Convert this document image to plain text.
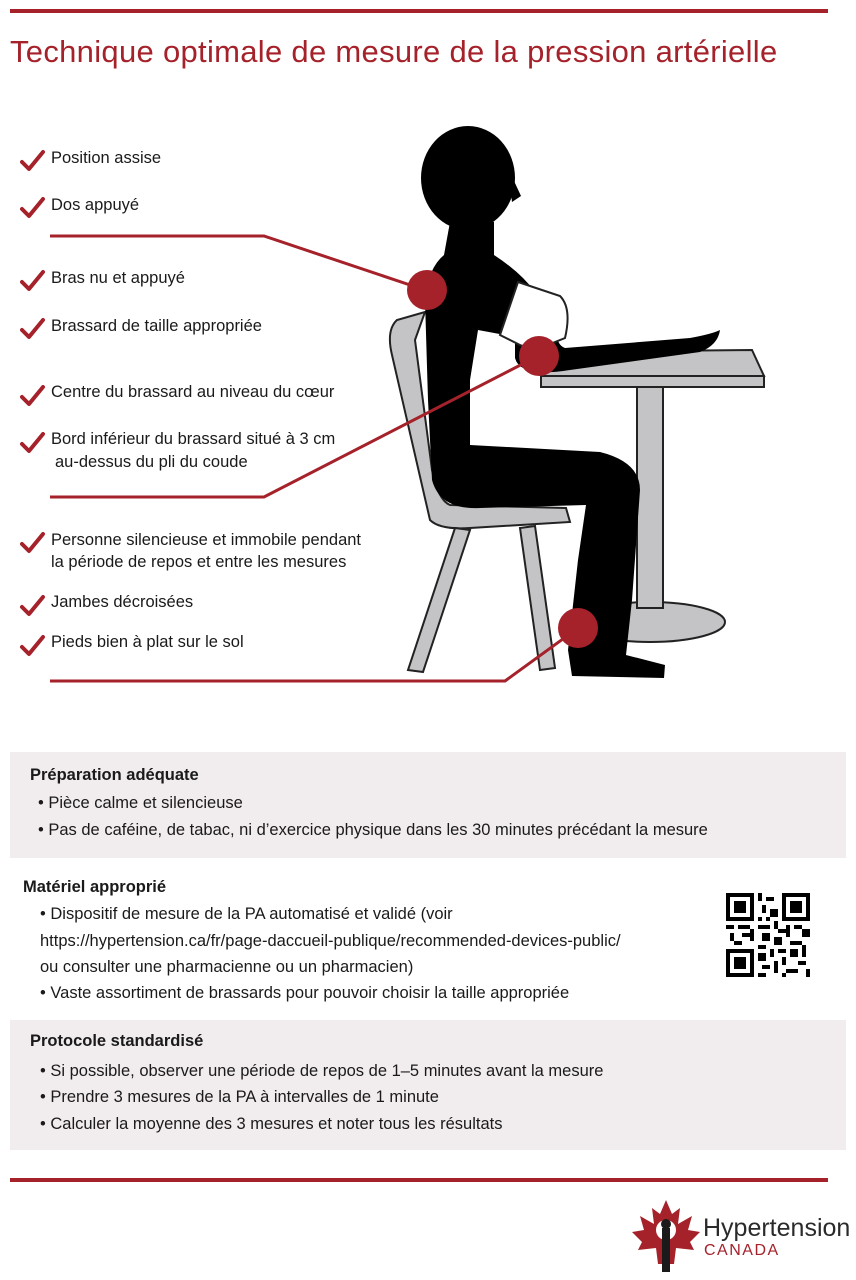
Technique optimale de mesure de la pression artérielle
Position assise
Dos appuyé
Bras nu et appuyé
Brassard de taille appropriée
Centre du brassard au niveau du cœur
Bord inférieur du brassard situé à 3 cm
au-dessus du pli du coude
Personne silencieuse et immobile pendant
la période de repos et entre les mesures
Jambes décroisées
Pieds bien à plat sur le sol
Préparation adéquate
• Pièce calme et silencieuse
• Pas de caféine, de tabac, ni d’exercice physique dans les 30 minutes précédant la mesure
Matériel approprié
• Dispositif de mesure de la PA automatisé et validé (voir
https://hypertension.ca/fr/page-daccueil-publique/recommended-devices-public/
ou consulter une pharmacienne ou un pharmacien)
• Vaste assortiment de brassards pour pouvoir choisir la taille appropriée
Protocole standardisé
• Si possible, observer une période de repos de 1–5 minutes avant la mesure
• Prendre 3 mesures de la PA à intervalles de 1 minute
• Calculer la moyenne des 3 mesures et noter tous les résultats
Hypertension
CANADA
